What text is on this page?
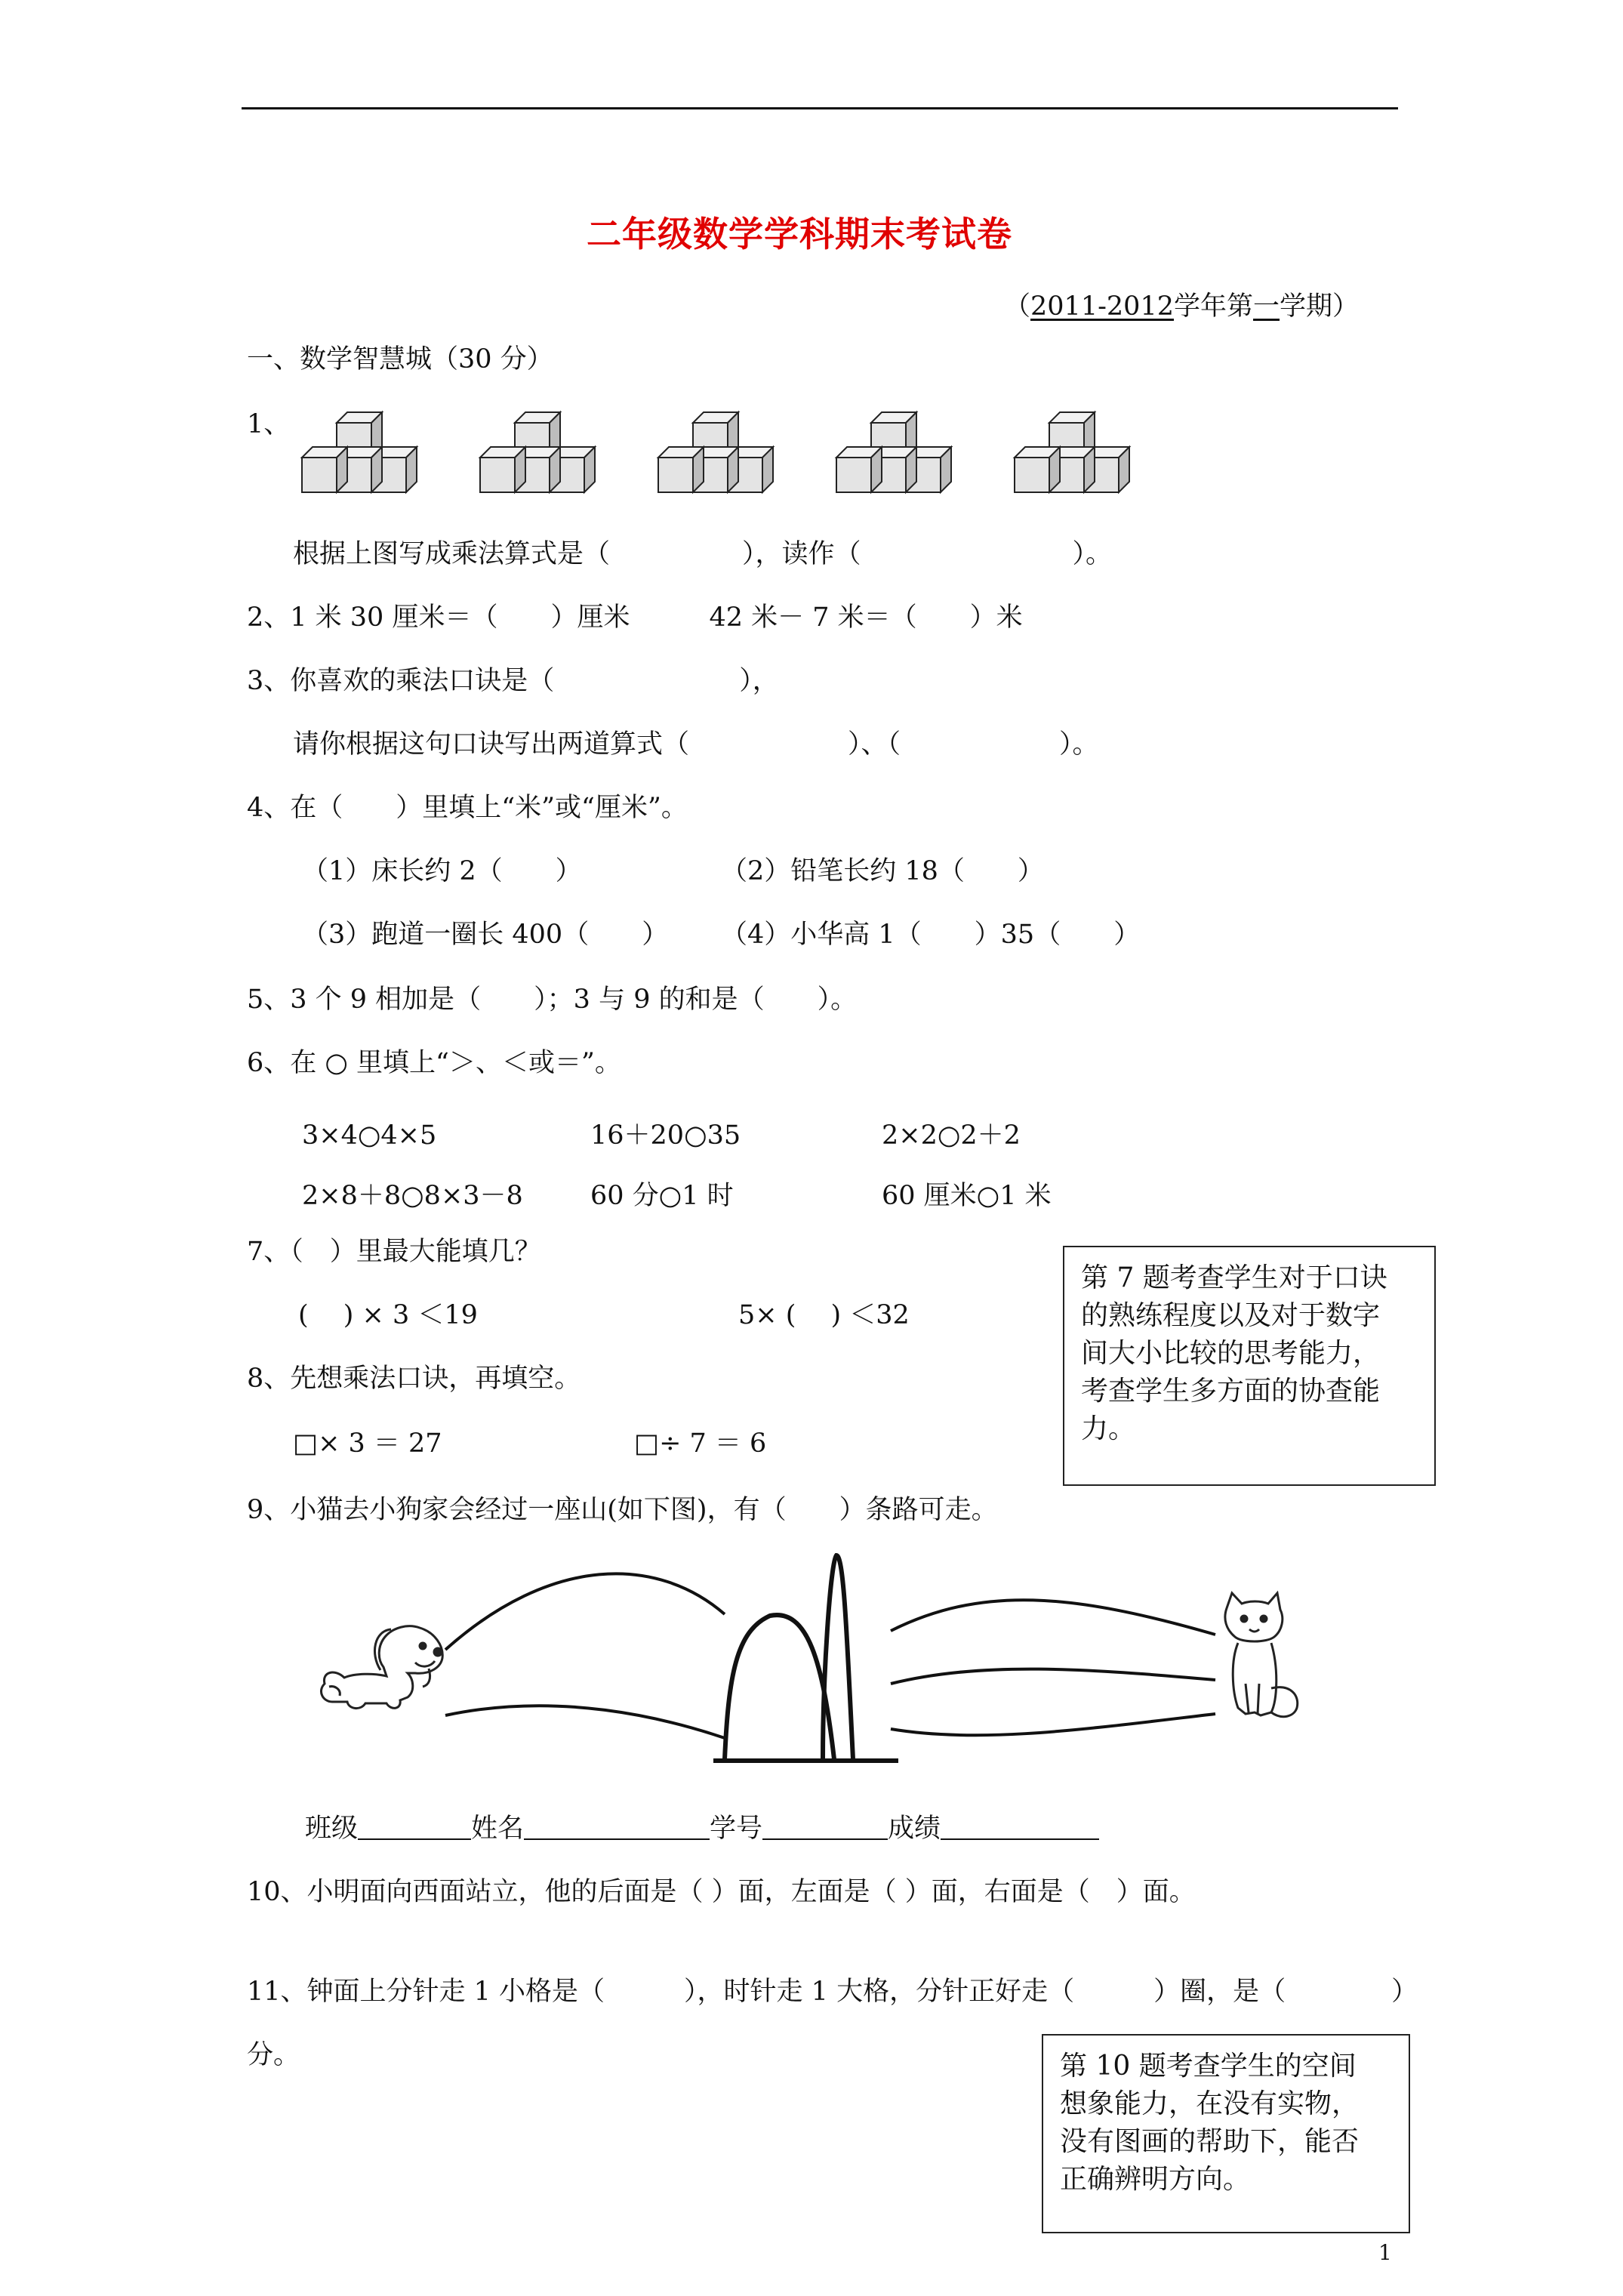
二年级数学学科期末考试卷
（2011-2012学年第一学期）
一、数学智慧城（30 分）
1、
根据上图写成乘法算式是（　　　　　），读作（　　　　　　　　）。
2、1 米 30 厘米＝（　　）厘米　　　42 米－ 7 米＝（　　）米
3、你喜欢的乘法口诀是（　　　　　　　），
请你根据这句口诀写出两道算式（　　　　　　）、（　　　　　　）。
4、在（　　）里填上“米”或“厘米”。
（1）床长约 2（　　）	（2）铅笔长约 18（　　）
（3）跑道一圈长 400（　　） （4）小华高 1（　　）35（　　）
5、3 个 9 相加是（　　）；3 与 9 的和是（　　）。
6、在 ○ 里填上“＞、＜或＝”。
3×4○4×5	16＋20○35	2×2○2＋2
2×8＋8○8×3－8	60 分○1 时	60 厘米○1 米
7、（　）里最大能填几？
(　 ) × 3 ＜19	5× (　 ) ＜32
第 7 题考查学生对于口诀
的熟练程度以及对于数字
间大小比较的思考能力，
考查学生多方面的协查能
力。
8、先想乘法口诀，再填空。
□× 3 ＝ 27	□÷ 7 ＝ 6
9、小猫去小狗家会经过一座山(如下图)，有（　　）条路可走。
班级	姓名	学号	成绩
10、小明面向西面站立，他的后面是（ ）面，左面是（ ）面，右面是（　）面。
11、钟面上分针走 1 小格是（　　　），时针走 1 大格，分针正好走（　　　）圈，是（　　　　）
分。	第 10 题考查学生的空间
想象能力，在没有实物，
没有图画的帮助下，能否
正确辨明方向。
1
